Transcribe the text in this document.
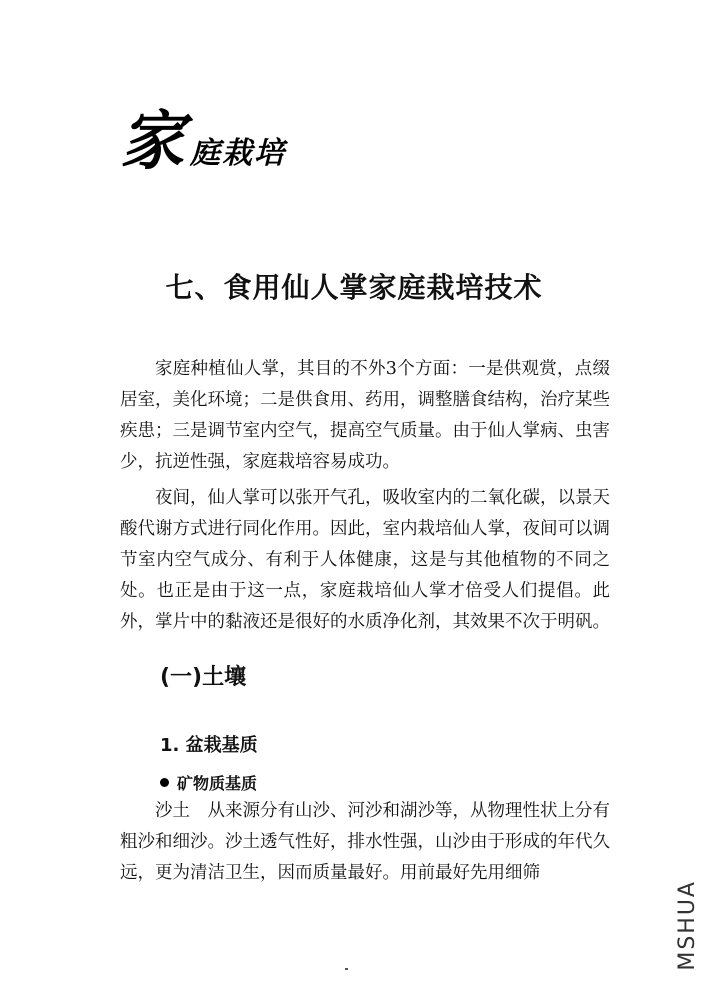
家 庭栽培
七、食用仙人掌家庭栽培技术

家庭种植仙人掌，其目的不外3个方面：一是供观赏，点缀居室，美化环境；二是供食用、药用，调整膳食结构，治疗某些疾患；三是调节室内空气，提高空气质量。由于仙人掌病、虫害少，抗逆性强，家庭栽培容易成功。

夜间，仙人掌可以张开气孔，吸收室内的二氧化碳，以景天酸代谢方式进行同化作用。因此，室内栽培仙人掌，夜间可以调节室内空气成分、有利于人体健康，这是与其他植物的不同之处。也正是由于这一点，家庭栽培仙人掌才倍受人们提倡。此外，掌片中的黏液还是很好的水质净化剂，其效果不次于明矾。

(一)土壤
1. 盆栽基质
矿物质基质

沙土 从来源分有山沙、河沙和湖沙等，从物理性状上分有粗沙和细沙。沙土透气性好，排水性强，山沙由于形成的年代久远，更为清洁卫生，因而质量最好。用前最好先用细筛

MSHUA
